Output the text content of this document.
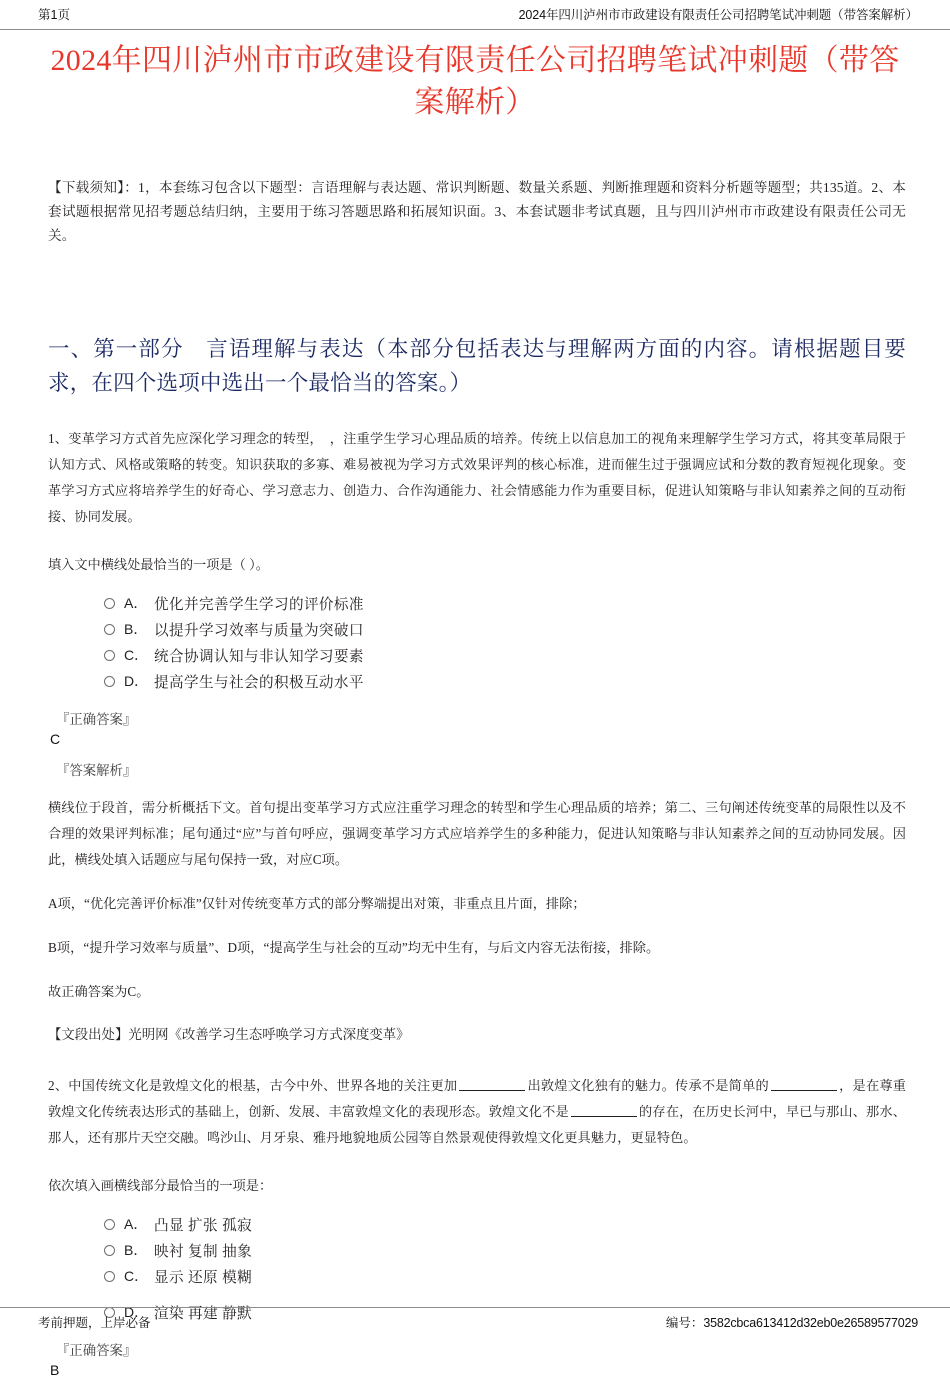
第1页	2024年四川泸州市市政建设有限责任公司招聘笔试冲刺题（带答案解析）
2024年四川泸州市市政建设有限责任公司招聘笔试冲刺题（带答案解析）

【下载须知】：1，本套练习包含以下题型：言语理解与表达题、常识判断题、数量关系题、判断推理题和资料分析题等题型；共135道。2、本套试题根据常见招考题总结归纳，主要用于练习答题思路和拓展知识面。3、本套试题非考试真题，且与四川泸州市市政建设有限责任公司无关。

一、第一部分　言语理解与表达（本部分包括表达与理解两方面的内容。请根据题目要求，在四个选项中选出一个最恰当的答案。）

1、变革学习方式首先应深化学习理念的转型，　，注重学生学习心理品质的培养。传统上以信息加工的视角来理解学生学习方式，将其变革局限于认知方式、风格或策略的转变。知识获取的多寡、难易被视为学习方式效果评判的核心标准，进而催生过于强调应试和分数的教育短视化现象。变革学习方式应将培养学生的好奇心、学习意志力、创造力、合作沟通能力、社会情感能力作为重要目标，促进认知策略与非认知素养之间的互动衔接、协同发展。

填入文中横线处最恰当的一项是（ ）。

A． 优化并完善学生学习的评价标准
B． 以提升学习效率与质量为突破口
C． 统合协调认知与非认知学习要素
D． 提高学生与社会的积极互动水平
『正确答案』
C
『答案解析』

横线位于段首，需分析概括下文。首句提出变革学习方式应注重学习理念的转型和学生心理品质的培养；第二、三句阐述传统变革的局限性以及不合理的效果评判标准；尾句通过“应”与首句呼应，强调变革学习方式应培养学生的多种能力，促进认知策略与非认知素养之间的互动协同发展。因此，横线处填入话题应与尾句保持一致，对应C项。

A项，“优化完善评价标准”仅针对传统变革方式的部分弊端提出对策，非重点且片面，排除；

B项，“提升学习效率与质量”、D项，“提高学生与社会的互动”均无中生有，与后文内容无法衔接，排除。

故正确答案为C。

【文段出处】光明网《改善学习生态呼唤学习方式深度变革》

2、中国传统文化是敦煌文化的根基，古今中外、世界各地的关注更加	出敦煌文化独有的魅力。传承不是简单的	，是在尊重敦煌文化传统表达形式的基础上，创新、发展、丰富敦煌文化的表现形态。敦煌文化不是	的存在，在历史长河中，早已与那山、那水、那人，还有那片天空交融。鸣沙山、月牙泉、雅丹地貌地质公园等自然景观使得敦煌文化更具魅力，更显特色。

依次填入画横线部分最恰当的一项是：

A． 凸显 扩张 孤寂
B． 映衬 复制 抽象
C． 显示 还原 模糊
D． 渲染 再建 静默
『正确答案』
B
考前押题，上岸必备	编号：3582cbca613412d32eb0e26589577029
